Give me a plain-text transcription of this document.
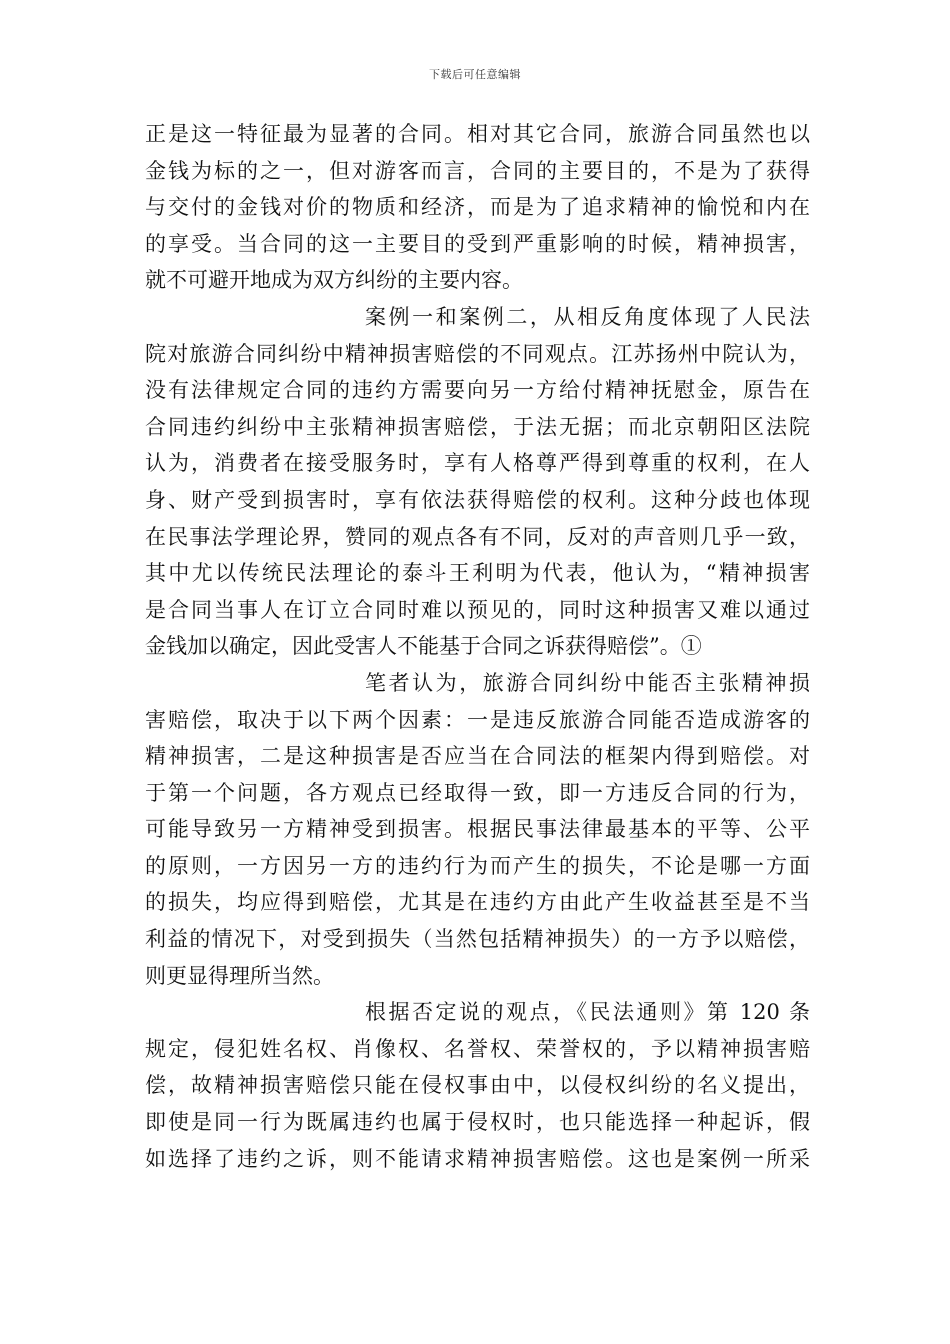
下载后可任意编辑
正是这一特征最为显著的合同。相对其它合同，旅游合同虽然也以
金钱为标的之一，但对游客而言，合同的主要目的，不是为了获得
与交付的金钱对价的物质和经济，而是为了追求精神的愉悦和内在
的享受。当合同的这一主要目的受到严重影响的时候，精神损害，
就不可避开地成为双方纠纷的主要内容。
案例一和案例二，从相反角度体现了人民法
院对旅游合同纠纷中精神损害赔偿的不同观点。江苏扬州中院认为，
没有法律规定合同的违约方需要向另一方给付精神抚慰金，原告在
合同违约纠纷中主张精神损害赔偿，于法无据；而北京朝阳区法院
认为，消费者在接受服务时，享有人格尊严得到尊重的权利，在人
身、财产受到损害时，享有依法获得赔偿的权利。这种分歧也体现
在民事法学理论界，赞同的观点各有不同，反对的声音则几乎一致，
其中尤以传统民法理论的泰斗王利明为代表，他认为，“精神损害
是合同当事人在订立合同时难以预见的，同时这种损害又难以通过
金钱加以确定，因此受害人不能基于合同之诉获得赔偿”。①
笔者认为，旅游合同纠纷中能否主张精神损
害赔偿，取决于以下两个因素：一是违反旅游合同能否造成游客的
精神损害，二是这种损害是否应当在合同法的框架内得到赔偿。对
于第一个问题，各方观点已经取得一致，即一方违反合同的行为，
可能导致另一方精神受到损害。根据民事法律最基本的平等、公平
的原则，一方因另一方的违约行为而产生的损失，不论是哪一方面
的损失，均应得到赔偿，尤其是在违约方由此产生收益甚至是不当
利益的情况下，对受到损失（当然包括精神损失）的一方予以赔偿，
则更显得理所当然。
根据否定说的观点，《民法通则》第 120 条
规定，侵犯姓名权、肖像权、名誉权、荣誉权的，予以精神损害赔
偿，故精神损害赔偿只能在侵权事由中，以侵权纠纷的名义提出，
即使是同一行为既属违约也属于侵权时，也只能选择一种起诉，假
如选择了违约之诉，则不能请求精神损害赔偿。这也是案例一所采
